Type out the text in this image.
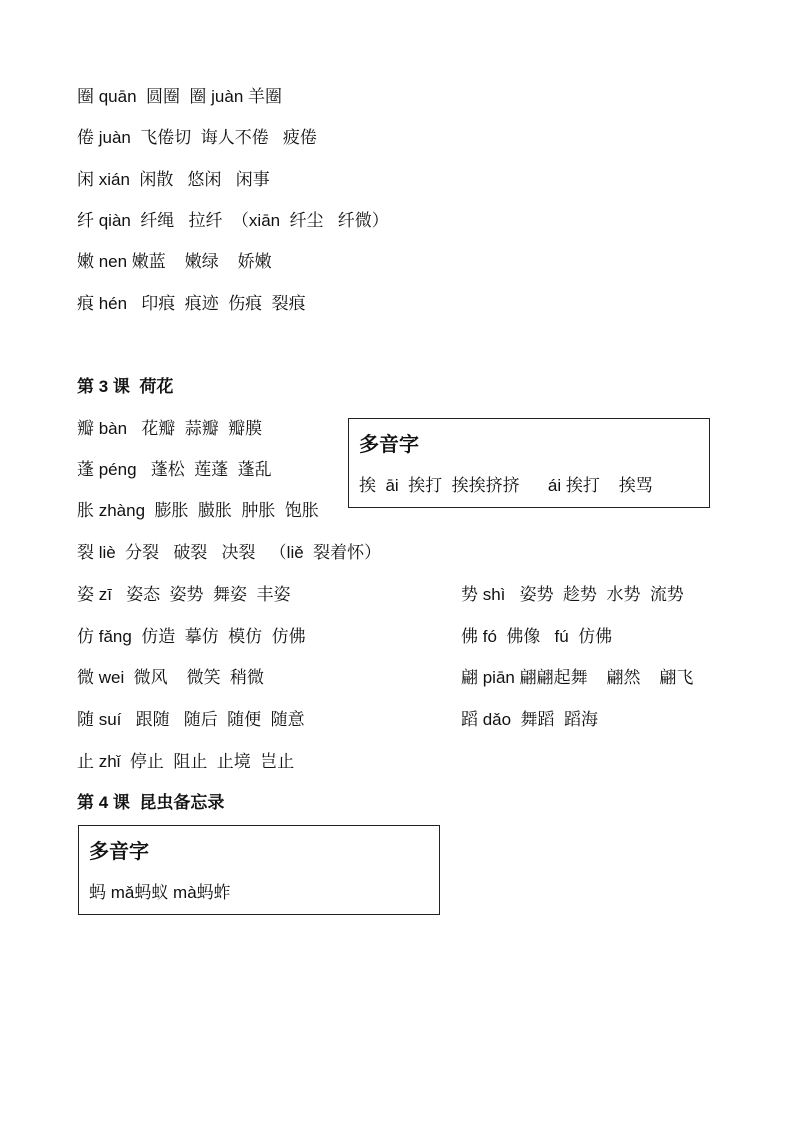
圈 quān  圆圈  圈 juàn 羊圈
倦 juàn  飞倦切  诲人不倦   疲倦
闲 xián  闲散   悠闲   闲事
纤 qiàn  纤绳   拉纤  （xiān  纤尘   纤微）
嫩 nen 嫩蓝    嫩绿    娇嫩
痕 hén   印痕  痕迹  伤痕  裂痕
第 3 课  荷花
瓣 bàn   花瓣  蒜瓣  瓣膜
蓬 péng   蓬松  莲蓬  蓬乱
胀 zhàng  膨胀  臌胀  肿胀  饱胀
裂 liè  分裂   破裂   决裂   （liě  裂着怀）
姿 zī   姿态  姿势  舞姿  丰姿
仿 fǎng  仿造  摹仿  模仿  仿佛
微 wei  微风    微笑  稍微
随 suí   跟随   随后  随便  随意
止 zhǐ  停止  阻止  止境  岂止
势 shì   姿势  趁势  水势  流势
佛 fó  佛像   fú  仿佛
翩 piān 翩翩起舞    翩然    翩飞
蹈 dǎo  舞蹈  蹈海
多音字
挨  āi  挨打  挨挨挤挤      ái 挨打    挨骂
第 4 课  昆虫备忘录
多音字
蚂 mǎ蚂蚁 mà蚂蚱
